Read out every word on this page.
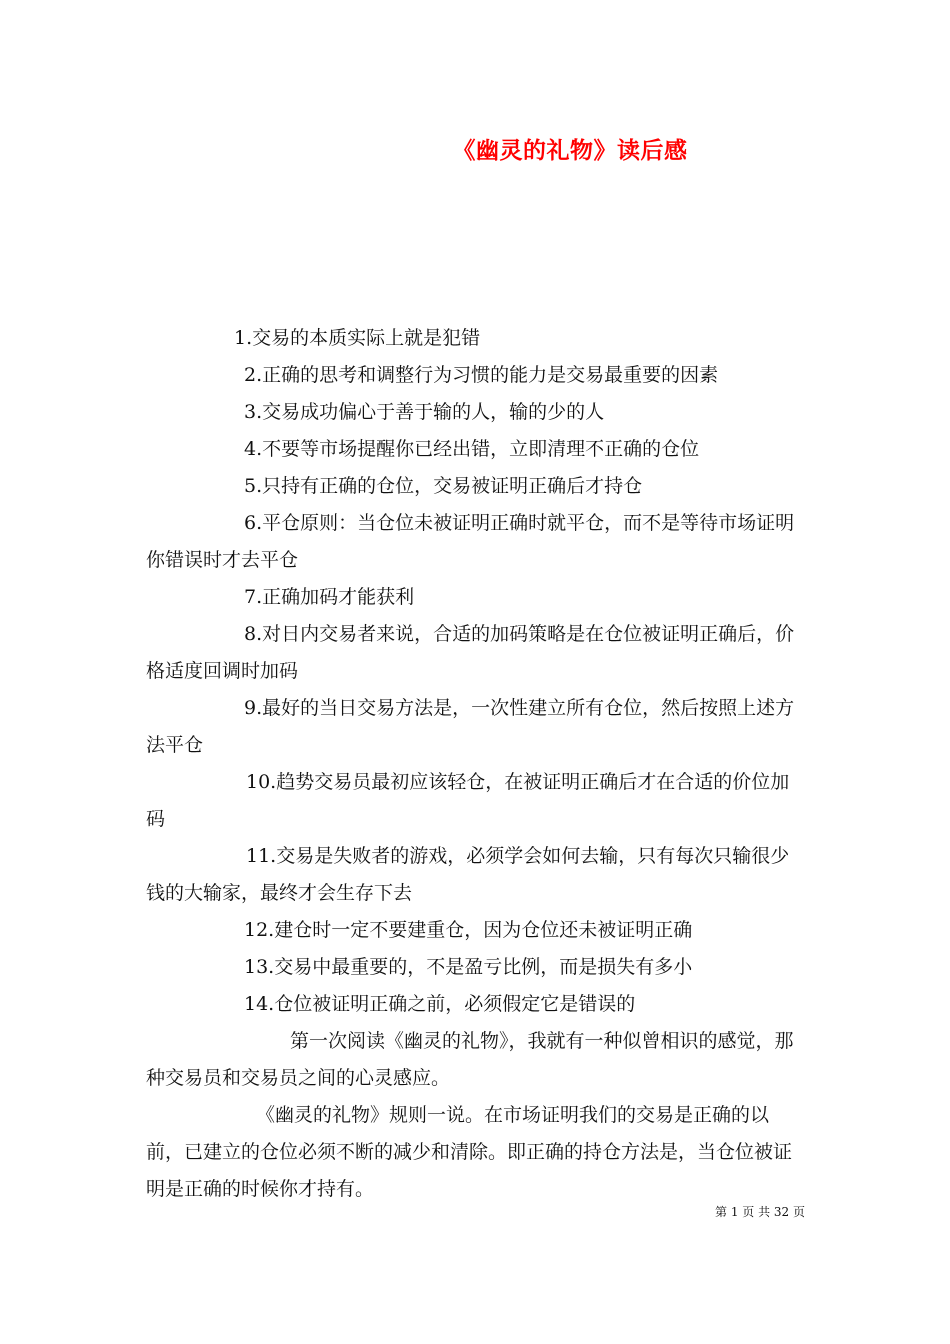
《幽灵的礼物》读后感

1.交易的本质实际上就是犯错

2.正确的思考和调整行为习惯的能力是交易最重要的因素

3.交易成功偏心于善于输的人，输的少的人

4.不要等市场提醒你已经出错，立即清理不正确的仓位

5.只持有正确的仓位，交易被证明正确后才持仓

6.平仓原则：当仓位未被证明正确时就平仓，而不是等待市场证明你错误时才去平仓

7.正确加码才能获利

8.对日内交易者来说，合适的加码策略是在仓位被证明正确后，价格适度回调时加码

9.最好的当日交易方法是，一次性建立所有仓位，然后按照上述方法平仓

10.趋势交易员最初应该轻仓，在被证明正确后才在合适的价位加码

11.交易是失败者的游戏，必须学会如何去输，只有每次只输很少钱的大输家，最终才会生存下去

12.建仓时一定不要建重仓，因为仓位还未被证明正确

13.交易中最重要的，不是盈亏比例，而是损失有多小

14.仓位被证明正确之前，必须假定它是错误的

第一次阅读《幽灵的礼物》，我就有一种似曾相识的感觉，那种交易员和交易员之间的心灵感应。

《幽灵的礼物》规则一说。在市场证明我们的交易是正确的以前，已建立的仓位必须不断的减少和清除。即正确的持仓方法是，当仓位被证明是正确的时候你才持有。

第 1 页 共 32 页
